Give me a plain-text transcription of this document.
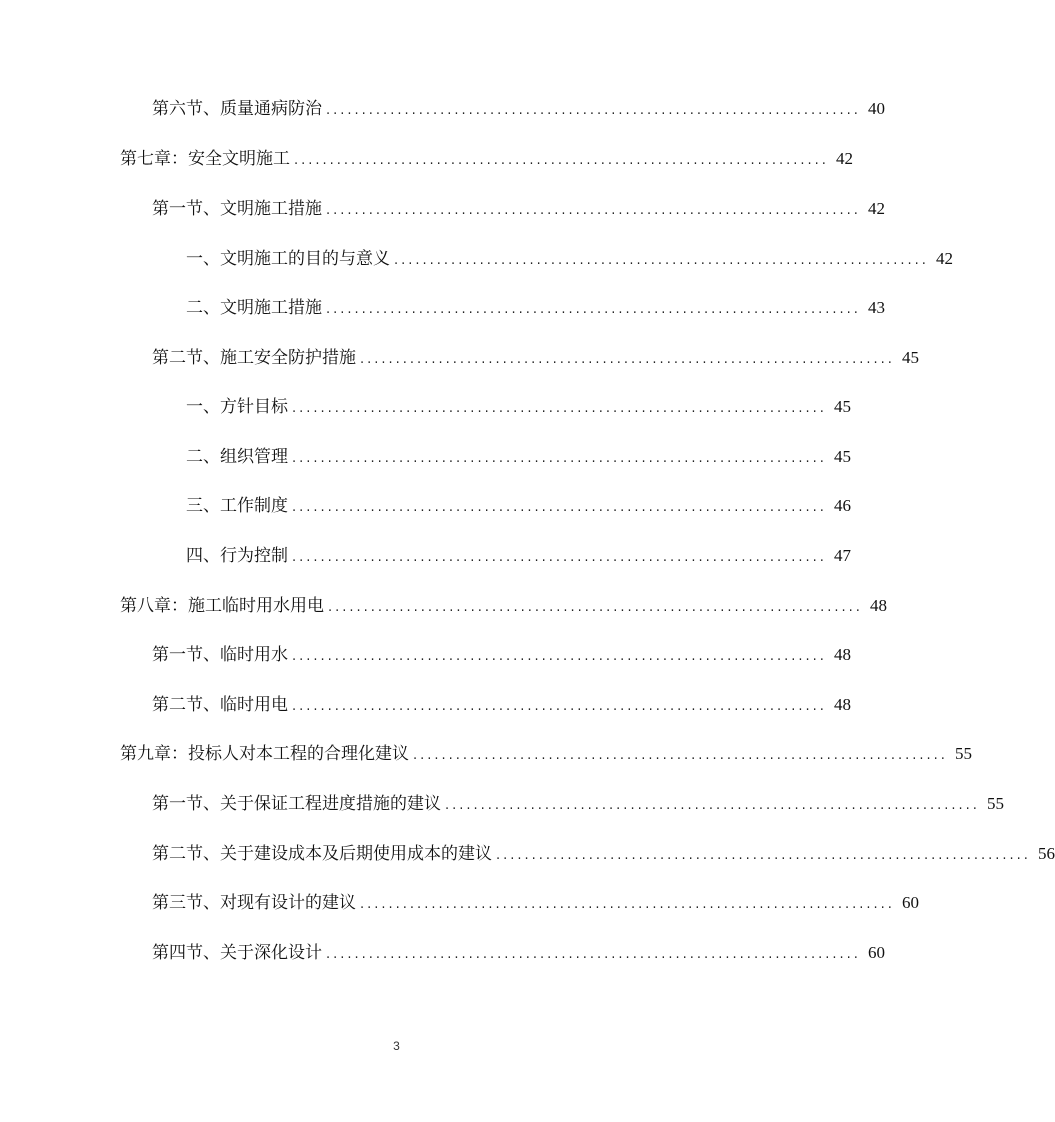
第六节、质量通病防治 ........................................................................... 40
第七章：安全文明施工 ........................................................................... 42
第一节、文明施工措施 ........................................................................... 42
一、文明施工的目的与意义 ........................................................................... 42
二、文明施工措施 ........................................................................... 43
第二节、施工安全防护措施 ........................................................................... 45
一、方针目标 ........................................................................... 45
二、组织管理 ........................................................................... 45
三、工作制度 ........................................................................... 46
四、行为控制 ........................................................................... 47
第八章：施工临时用水用电 ........................................................................... 48
第一节、临时用水 ........................................................................... 48
第二节、临时用电 ........................................................................... 48
第九章：投标人对本工程的合理化建议 ........................................................................... 55
第一节、关于保证工程进度措施的建议 ........................................................................... 55
第二节、关于建设成本及后期使用成本的建议 ........................................................................... 56
第三节、对现有设计的建议 ........................................................................... 60
第四节、关于深化设计 ........................................................................... 60
3
